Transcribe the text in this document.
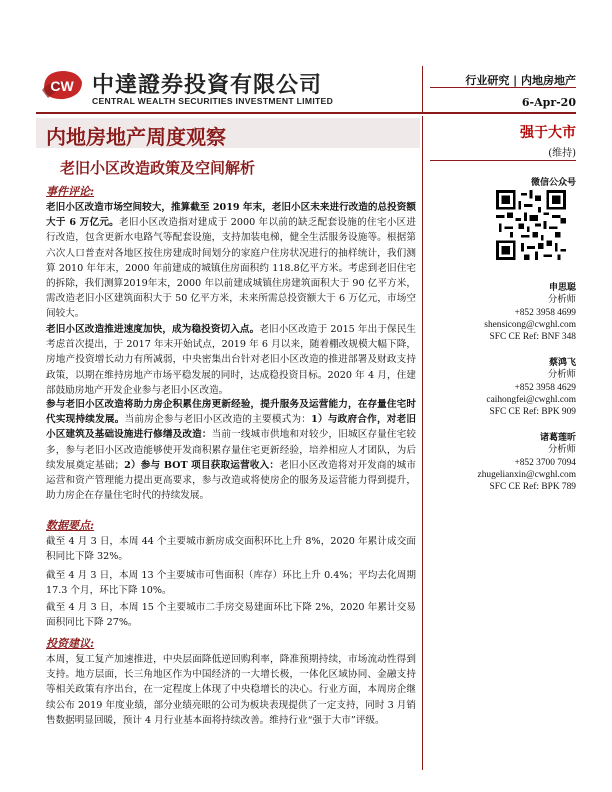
CW 中達證券投資有限公司
CENTRAL WEALTH SECURITIES INVESTMENT LIMITED
行业研究 | 内地房地产
6-Apr-20
内地房地产周度观察
老旧小区改造政策及空间解析
事件评论:
老旧小区改造市场空间较大，推算截至 2019 年末，老旧小区未来进行改造的总投资额大于 6 万亿元。老旧小区改造指对建成于 2000 年以前的缺乏配套设施的住宅小区进行改造，包含更新水电路气等配套设施，支持加装电梯，健全生活服务设施等。根据第六次人口普查对各地区按住房建成时间划分的家庭户住房状况进行的抽样统计，我们测算 2010 年年末，2000 年前建成的城镇住房面积约 118.8亿平方米。考虑到老旧住宅的拆除，我们测算2019年末，2000 年以前建成城镇住房建筑面积大于 90 亿平方米，需改造老旧小区建筑面积大于 50 亿平方米，未来所需总投资额大于 6 万亿元，市场空间较大。
老旧小区改造推进速度加快，成为稳投资切入点。老旧小区改造于 2015 年出于保民生考虑首次提出，于 2017 年末开始试点，2019 年 6 月以来，随着棚改规模大幅下降，房地产投资增长动力有所减弱，中央密集出台针对老旧小区改造的推进部署及财政支持政策，以期在维持房地产市场平稳发展的同时，达成稳投资目标。2020 年 4 月，住建部鼓励房地产开发企业参与老旧小区改造。
参与老旧小区改造将助力房企积累住房更新经验，提升服务及运营能力，在存量住宅时代实现持续发展。当前房企参与老旧小区改造的主要模式为：1）与政府合作，对老旧小区建筑及基础设施进行修缮及改造：当前一线城市供地和对较少，旧城区存量住宅较多，参与老旧小区改造能够使开发商积累存量住宅更新经验，培养相应人才团队，为后续发展奠定基础；2）参与 BOT 项目获取运营收入：老旧小区改造将对开发商的城市运营和资产管理能力提出更高要求，参与改造或将使房企的服务及运营能力得到提升，助力房企在存量住宅时代的持续发展。
数据要点:
截至 4 月 3 日，本周 44 个主要城市新房成交面积环比上升 8%，2020 年累计成交面积同比下降 32%。
截至 4 月 3 日，本周 13 个主要城市可售面积（库存）环比上升 0.4%；平均去化周期 17.3 个月，环比下降 10%。
截至 4 月 3 日，本周 15 个主要城市二手房交易建面环比下降 2%，2020 年累计交易面积同比下降 27%。
投资建议:
本周，复工复产加速推进，中央层面降低逆回购利率，降准预期持续，市场流动性得到支持。地方层面，长三角地区作为中国经济的一大增长极，一体化区域协同、金融支持等相关政策有序出台，在一定程度上体现了中央稳增长的决心。行业方面，本周房企继续公布 2019 年度业绩，部分业绩亮眼的公司为板块表现提供了一定支持，同时 3 月销售数据明显回暖，预计 4 月行业基本面将持续改善。维持行业“强于大市”评级。
强于大市
(维持)
微信公众号
申思聪
分析师
+852 3958 4699
shensicong@cwghl.com
SFC CE Ref: BNF 348
蔡鸿飞
分析师
+852 3958 4629
caihongfei@cwghl.com
SFC CE Ref: BPK 909
诸葛莲昕
分析师
+852 3700 7094
zhugelianxin@cwghl.com
SFC CE Ref: BPK 789
